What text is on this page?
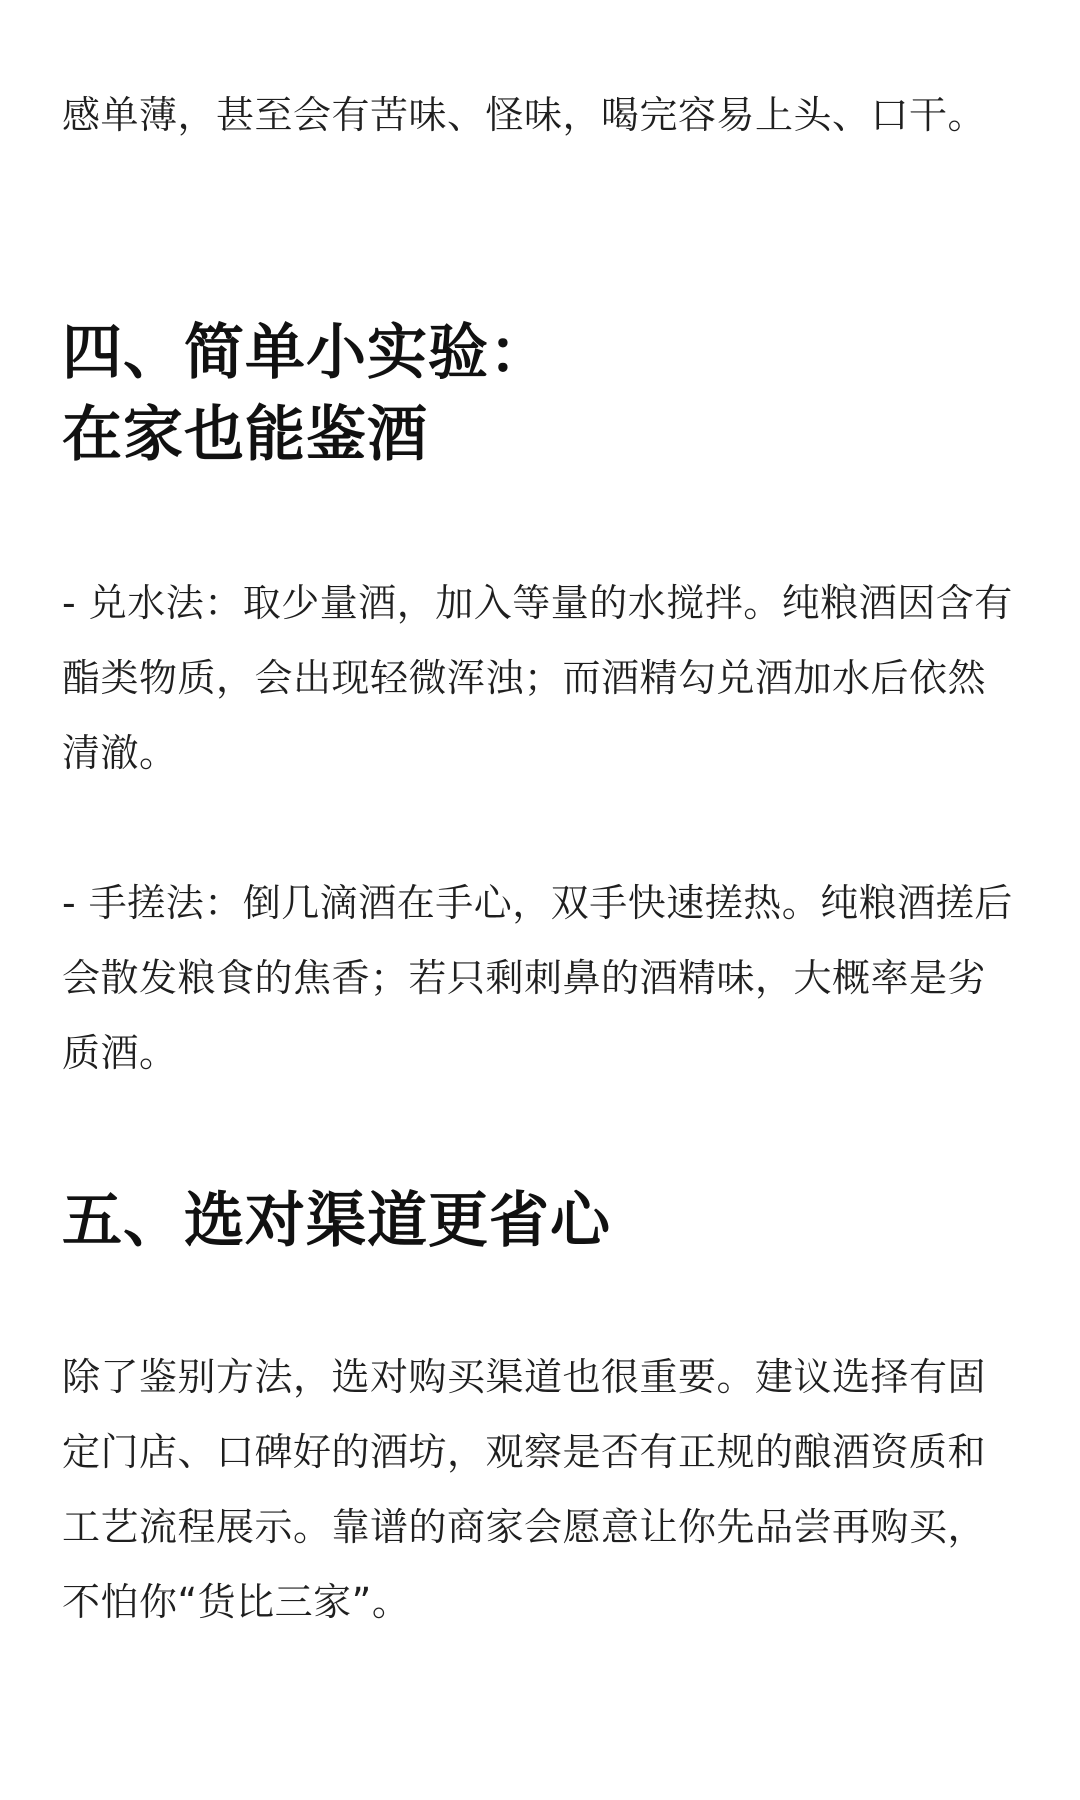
感单薄，甚至会有苦味、怪味，喝完容易上头、口干。

四、简单小实验：
在家也能鉴酒

- 兑水法：取少量酒，加入等量的水搅拌。纯粮酒因含有酯类物质，会出现轻微浑浊；而酒精勾兑酒加水后依然清澈。

- 手搓法：倒几滴酒在手心，双手快速搓热。纯粮酒搓后会散发粮食的焦香；若只剩刺鼻的酒精味，大概率是劣质酒。

五、选对渠道更省心

除了鉴别方法，选对购买渠道也很重要。建议选择有固定门店、口碑好的酒坊，观察是否有正规的酿酒资质和工艺流程展示。靠谱的商家会愿意让你先品尝再购买，不怕你“货比三家”。
